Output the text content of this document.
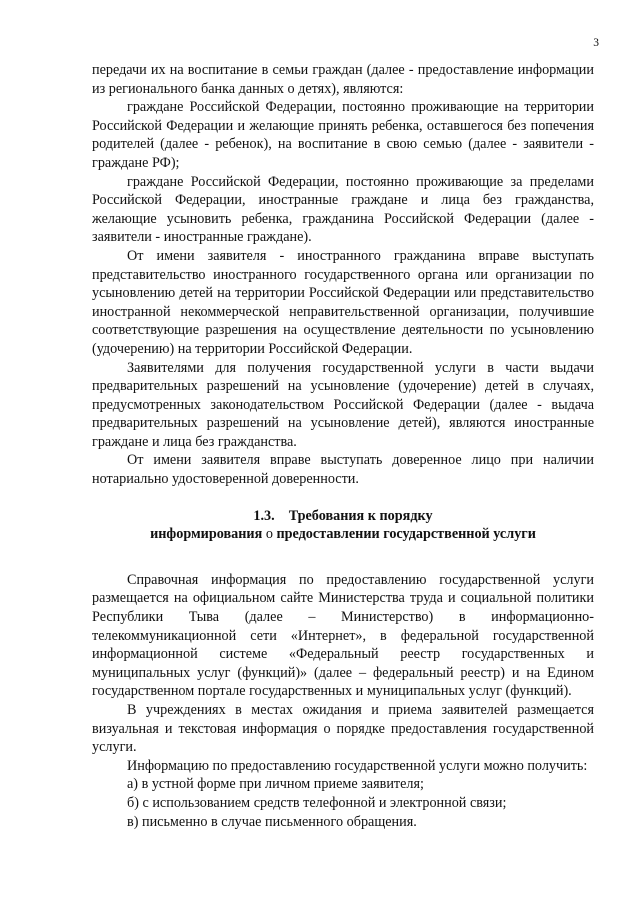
3

передачи их на воспитание в семьи граждан (далее - предоставление информации из регионального банка данных о детях), являются:

граждане Российской Федерации, постоянно проживающие на территории Российской Федерации и желающие принять ребенка, оставшегося без попечения родителей (далее - ребенок), на воспитание в свою семью (далее - заявители - граждане РФ);

граждане Российской Федерации, постоянно проживающие за пределами Российской Федерации, иностранные граждане и лица без гражданства, желающие усыновить ребенка, гражданина Российской Федерации (далее - заявители - иностранные граждане).

От имени заявителя - иностранного гражданина вправе выступать представительство иностранного государственного органа или организации по усыновлению детей на территории Российской Федерации или представительство иностранной некоммерческой неправительственной организации, получившие соответствующие разрешения на осуществление деятельности по усыновлению (удочерению) на территории Российской Федерации.

Заявителями для получения государственной услуги в части выдачи предварительных разрешений на усыновление (удочерение) детей в случаях, предусмотренных законодательством Российской Федерации (далее - выдача предварительных разрешений на усыновление детей), являются иностранные граждане и лица без гражданства.

От имени заявителя вправе выступать доверенное лицо при наличии нотариально удостоверенной доверенности.

1.3. Требования к порядку
информирования о предоставлении государственной услуги

Справочная информация по предоставлению государственной услуги размещается на официальном сайте Министерства труда и социальной политики Республики Тыва (далее – Министерство) в информационно-телекоммуникационной сети «Интернет», в федеральной государственной информационной системе «Федеральный реестр государственных и муниципальных услуг (функций)» (далее – федеральный реестр) и на Едином государственном портале государственных и муниципальных услуг (функций).

В учреждениях в местах ожидания и приема заявителей размещается визуальная и текстовая информация о порядке предоставления государственной услуги.

Информацию по предоставлению государственной услуги можно получить:

а) в устной форме при личном приеме заявителя;

б) с использованием средств телефонной и электронной связи;

в) письменно в случае письменного обращения.
